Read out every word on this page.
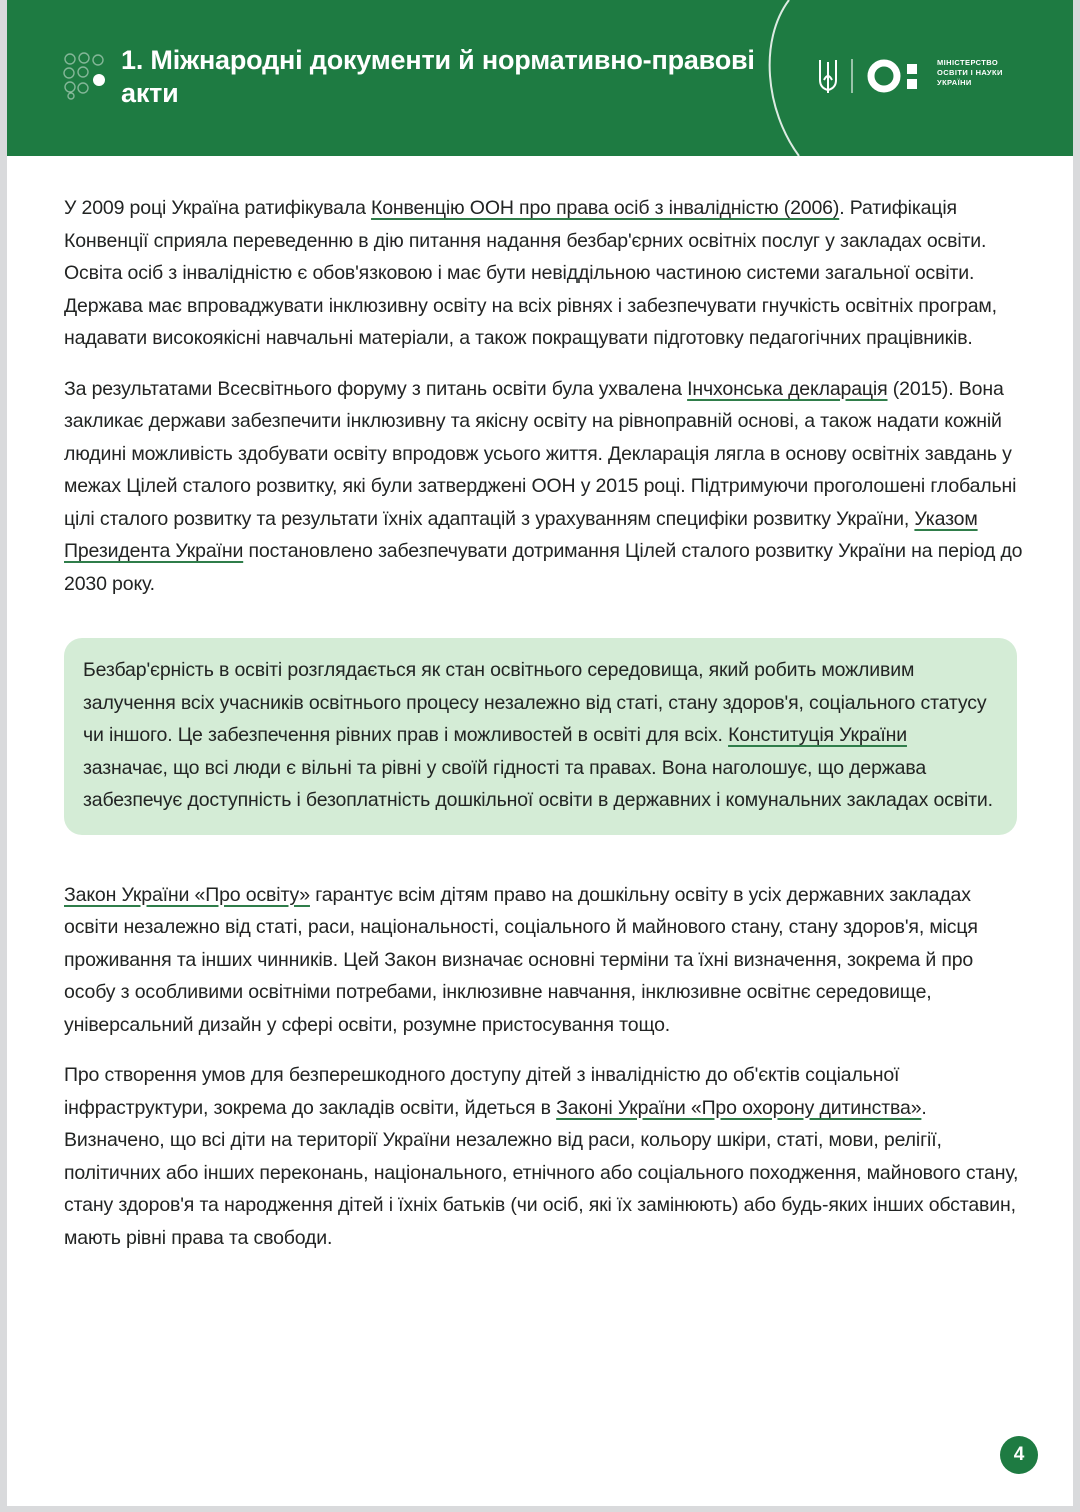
1. Міжнародні документи й нормативно-правові акти
МІНІСТЕРСТВО
ОСВІТИ І НАУКИ
УКРАЇНИ

У 2009 році Україна ратифікувала Конвенцію ООН про права осіб з інвалідністю (2006). Ратифікація Конвенції сприяла переведенню в дію питання надання безбар'єрних освітніх послуг у закладах освіти. Освіта осіб з інвалідністю є обов'язковою і має бути невіддільною частиною системи загальної освіти. Держава має впроваджувати інклюзивну освіту на всіх рівнях і забезпечувати гнучкість освітніх програм, надавати високоякісні навчальні матеріали, а також покращувати підготовку педагогічних працівників.

За результатами Всесвітнього форуму з питань освіти була ухвалена Інчхонська декларація (2015). Вона закликає держави забезпечити інклюзивну та якісну освіту на рівноправній основі, а також надати кожній людині можливість здобувати освіту впродовж усього життя. Декларація лягла в основу освітніх завдань у межах Цілей сталого розвитку, які були затверджені ООН у 2015 році. Підтримуючи проголошені глобальні цілі сталого розвитку та результати їхніх адаптацій з урахуванням специфіки розвитку України, Указом Президента України постановлено забезпечувати дотримання Цілей сталого розвитку України на період до 2030 року.

Безбар'єрність в освіті розглядається як стан освітнього середовища, який робить можливим залучення всіх учасників освітнього процесу незалежно від статі, стану здоров'я, соціального статусу чи іншого. Це забезпечення рівних прав і можливостей в освіті для всіх. Конституція України зазначає, що всі люди є вільні та рівні у своїй гідності та правах. Вона наголошує, що держава забезпечує доступність і безоплатність дошкільної освіти в державних і комунальних закладах освіти.

Закон України «Про освіту» гарантує всім дітям право на дошкільну освіту в усіх державних закладах освіти незалежно від статі, раси, національності, соціального й майнового стану, стану здоров'я, місця проживання та інших чинників. Цей Закон визначає основні терміни та їхні визначення, зокрема й про особу з особливими освітніми потребами, інклюзивне навчання, інклюзивне освітнє середовище, універсальний дизайн у сфері освіти, розумне пристосування тощо.

Про створення умов для безперешкодного доступу дітей з інвалідністю до об'єктів соціальної інфраструктури, зокрема до закладів освіти, йдеться в Законі України «Про охорону дитинства». Визначено, що всі діти на території України незалежно від раси, кольору шкіри, статі, мови, релігії, політичних або інших переконань, національного, етнічного або соціального походження, майнового стану, стану здоров'я та народження дітей і їхніх батьків (чи осіб, які їх замінюють) або будь-яких інших обставин, мають рівні права та свободи.

4
